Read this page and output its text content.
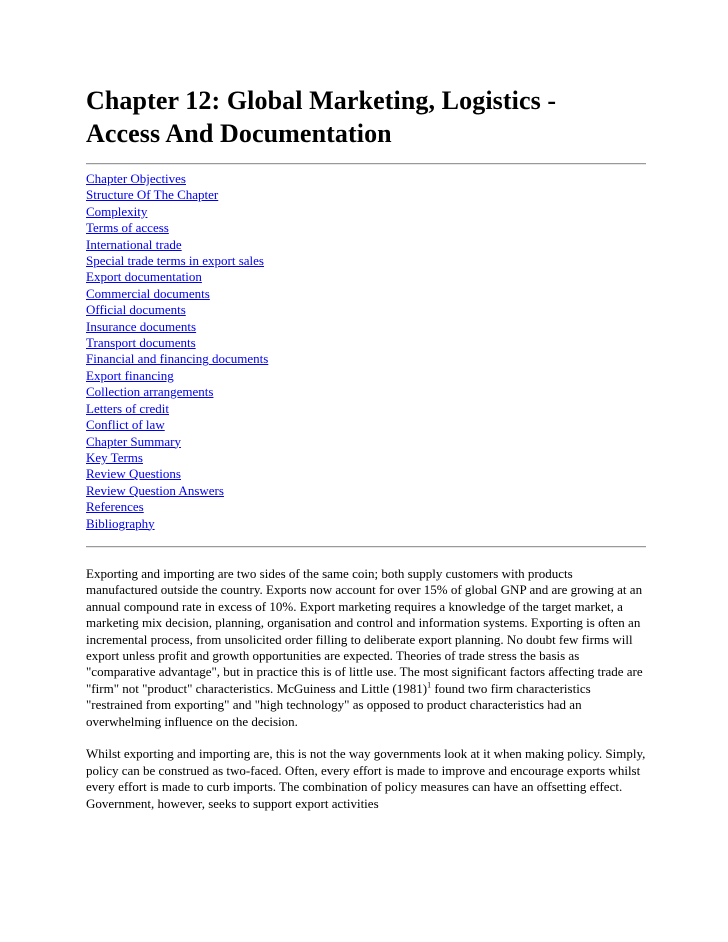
Chapter 12: Global Marketing, Logistics -
Access And Documentation
Chapter Objectives
Structure Of The Chapter
Complexity
Terms of access
International trade
Special trade terms in export sales
Export documentation
Commercial documents
Official documents
Insurance documents
Transport documents
Financial and financing documents
Export financing
Collection arrangements
Letters of credit
Conflict of law
Chapter Summary
Key Terms
Review Questions
Review Question Answers
References
Bibliography

Exporting and importing are two sides of the same coin; both supply customers with products manufactured outside the country. Exports now account for over 15% of global GNP and are growing at an annual compound rate in excess of 10%. Export marketing requires a knowledge of the target market, a marketing mix decision, planning, organisation and control and information systems. Exporting is often an incremental process, from unsolicited order filling to deliberate export planning. No doubt few firms will export unless profit and growth opportunities are expected. Theories of trade stress the basis as "comparative advantage", but in practice this is of little use. The most significant factors affecting trade are "firm" not "product" characteristics. McGuiness and Little $(1981)^1$ found two firm characteristics "restrained from exporting" and "high technology" as opposed to product characteristics had an overwhelming influence on the decision.

Whilst exporting and importing are, this is not the way governments look at it when making policy. Simply, policy can be construed as two-faced. Often, every effort is made to improve and encourage exports whilst every effort is made to curb imports. The combination of policy measures can have an offsetting effect. Government, however, seeks to support export activities
